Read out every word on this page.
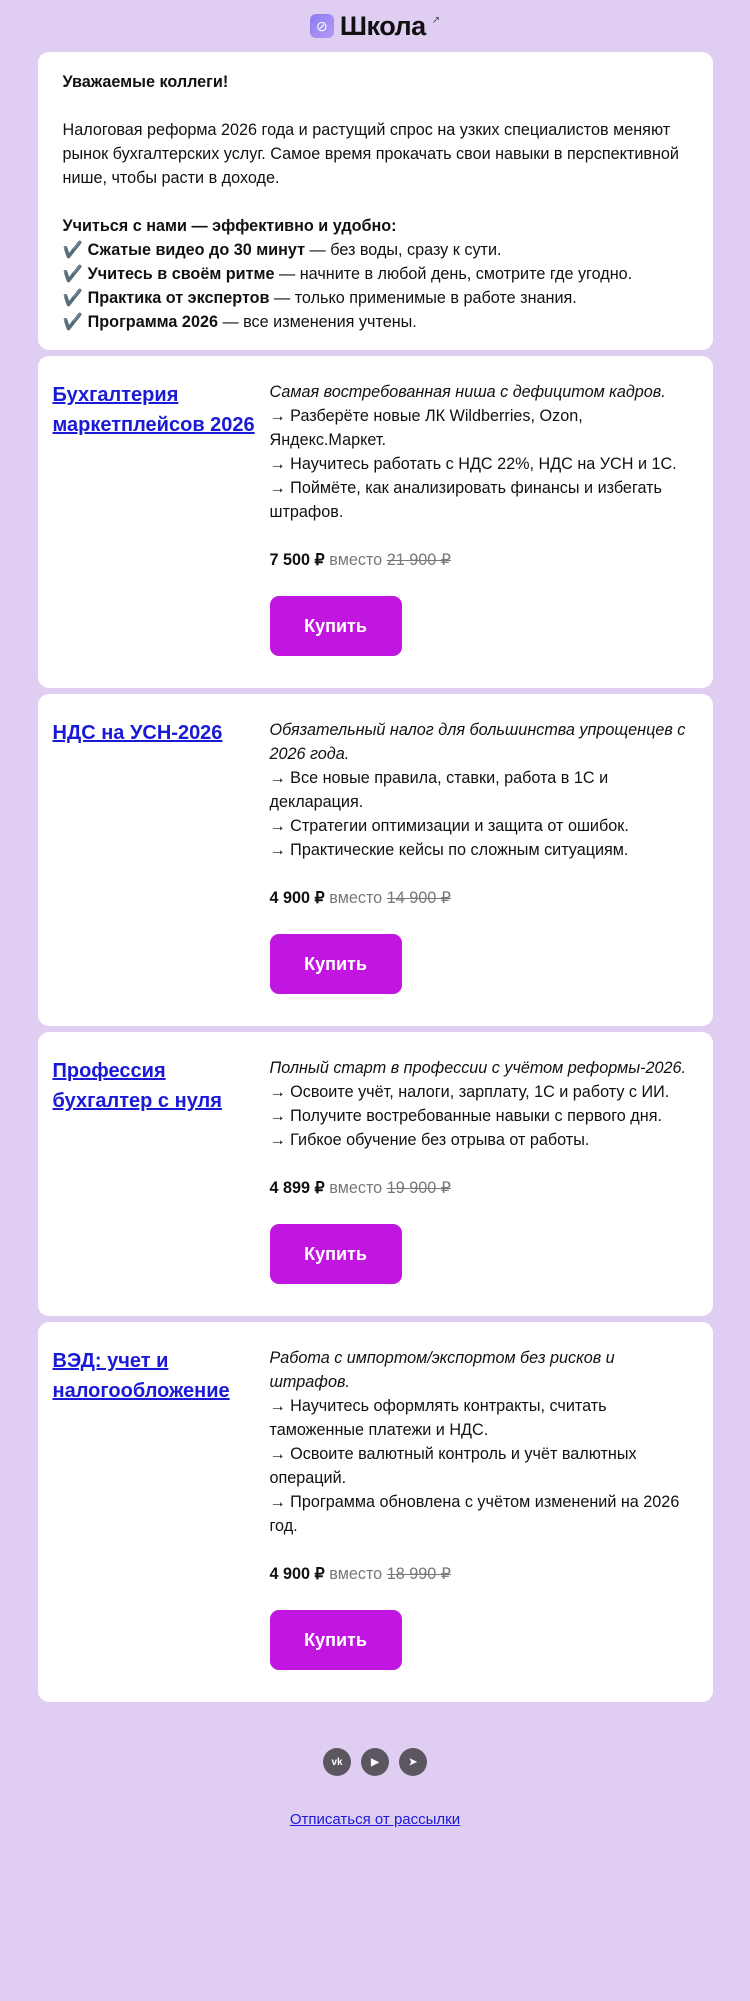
⊘ Школа ↗

Уважаемые коллеги!

Налоговая реформа 2026 года и растущий спрос на узких специалистов меняют рынок бухгалтерских услуг. Самое время прокачать свои навыки в перспективной нише, чтобы расти в доходе.

Учиться с нами — эффективно и удобно:
✔️ Сжатые видео до 30 минут — без воды, сразу к сути.
✔️ Учитесь в своём ритме — начните в любой день, смотрите где угодно.
✔️ Практика от экспертов — только применимые в работе знания.
✔️ Программа 2026 — все изменения учтены.

Бухгалтерия маркетплейсов 2026
Самая востребованная ниша с дефицитом кадров.
→ Разберёте новые ЛК Wildberries, Ozon, Яндекс.Маркет.
→ Научитесь работать с НДС 22%, НДС на УСН и 1С.
→ Поймёте, как анализировать финансы и избегать штрафов.
7 500 ₽ вместо 21 900 ₽
Купить
НДС на УСН-2026	Обязательный налог для большинства упрощенцев с 2026 года.
→ Все новые правила, ставки, работа в 1С и декларация.
→ Стратегии оптимизации и защита от ошибок.
→ Практические кейсы по сложным ситуациям.
4 900 ₽ вместо 14 900 ₽
Купить
Профессия бухгалтер с нуля
Полный старт в профессии с учётом реформы-2026.
→ Освоите учёт, налоги, зарплату, 1С и работу с ИИ.
→ Получите востребованные навыки с первого дня.
→ Гибкое обучение без отрыва от работы.
4 899 ₽ вместо 19 900 ₽
Купить
ВЭД: учет и налогообложение
Работа с импортом/экспортом без рисков и штрафов.
→ Научитесь оформлять контракты, считать таможенные платежи и НДС.
→ Освоите валютный контроль и учёт валютных операций.
→ Программа обновлена с учётом изменений на 2026 год.
4 900 ₽ вместо 18 990 ₽
Купить
vk	▶	➤
Отписаться от рассылки
